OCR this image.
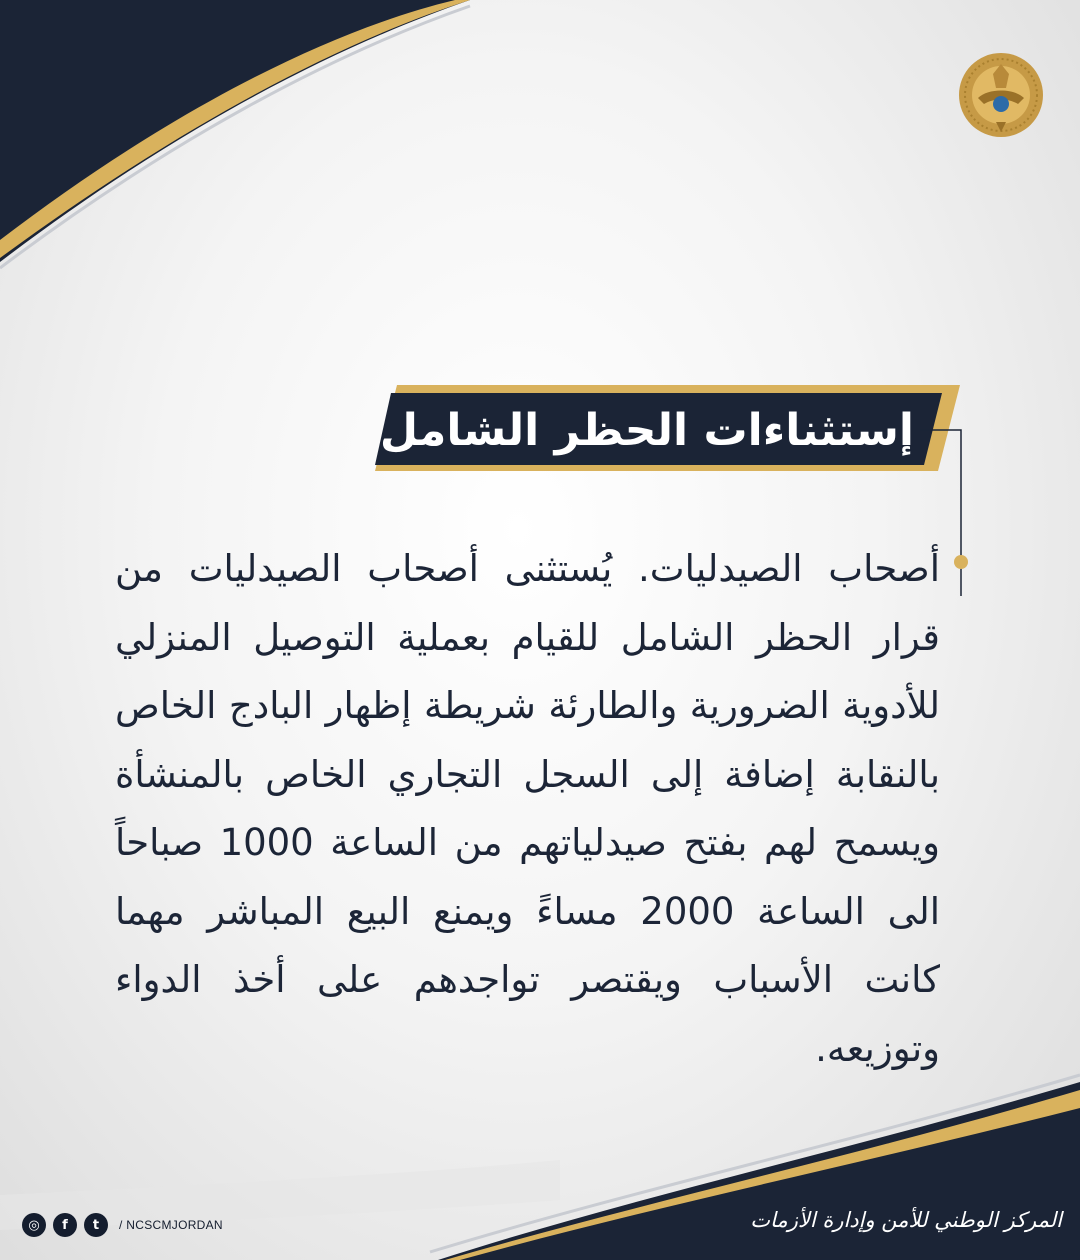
إستثناءات الحظر الشامل

أصحاب الصيدليات. يُستثنى أصحاب الصيدليات من قرار الحظر الشامل للقيام بعملية التوصيل المنزلي للأدوية الضرورية والطارئة شريطة إظهار البادج الخاص بالنقابة إضافة إلى السجل التجاري الخاص بالمنشأة ويسمح لهم بفتح صيدلياتهم من الساعة 1000 صباحاً الى الساعة 2000 مساءً ويمنع البيع المباشر مهما كانت الأسباب ويقتصر تواجدهم على أخذ الدواء وتوزيعه.

◎	f	t	/ NCSCMJORDAN	المركز الوطني للأمن وإدارة الأزمات
